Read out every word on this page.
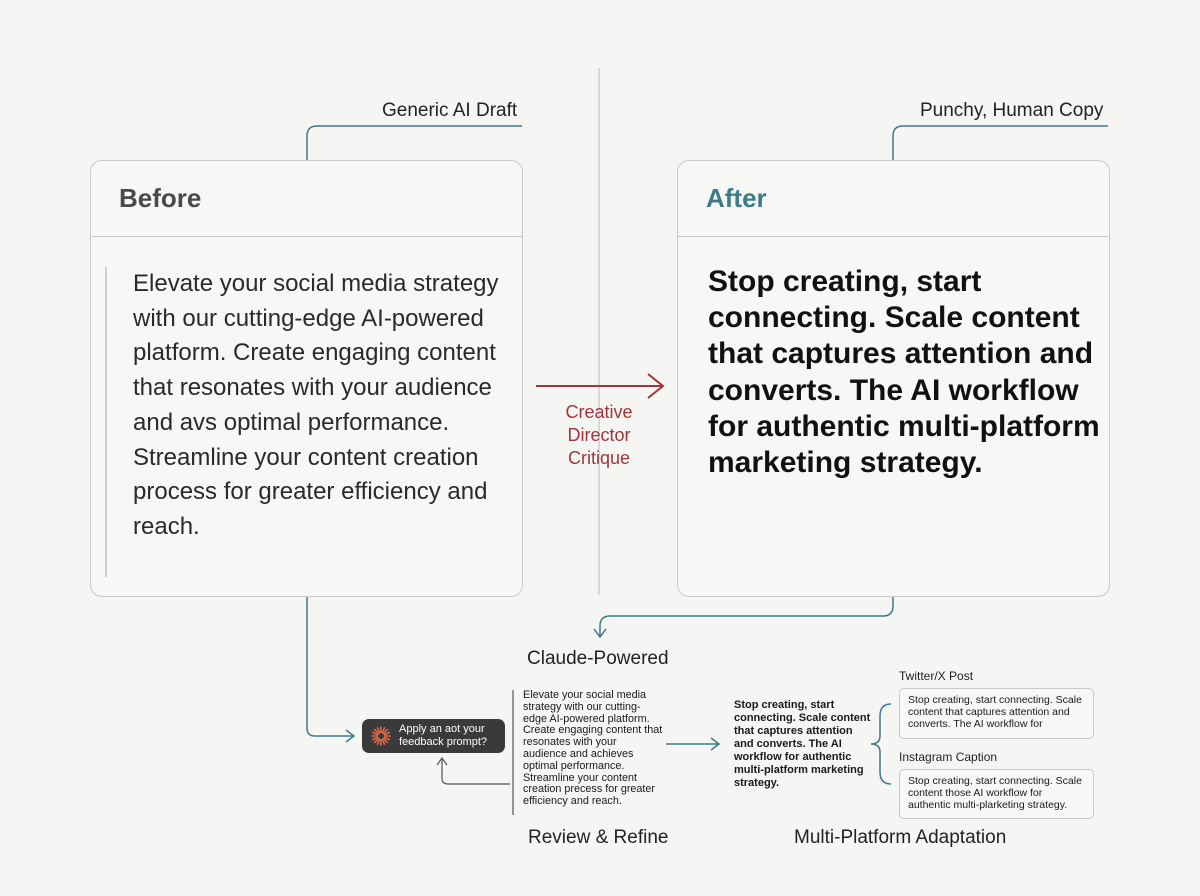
Generic AI Draft	Punchy, Human Copy
Before
Elevate your social media strategy with our cutting-edge AI-powered platform. Create engaging content that resonates with your audience and avs optimal performance. Streamline your content creation process for greater efficiency and reach.
After
Stop creating, start connecting. Scale content that captures attention and converts. The AI workflow for authentic multi-platform marketing strategy.
Creative Director Critique
Claude-Powered
Apply an aot your feedback prompt?
Elevate your social media strategy with our cutting-edge AI-powered platform. Create engaging content that resonates with your audience and achieves optimal performance. Streamline your content creation precess for greater efficiency and reach.
Stop creating, start connecting. Scale content that captures attention and converts. The AI workflow for authentic multi-platform marketing strategy.
Twitter/X Post
Stop creating, start connecting. Scale content that captures attention and converts. The AI workflow for
Instagram Caption
Stop creating, start connecting. Scale content those AI workflow for authentic multi-plarketing strategy.
Review & Refine	Multi-Platform Adaptation
